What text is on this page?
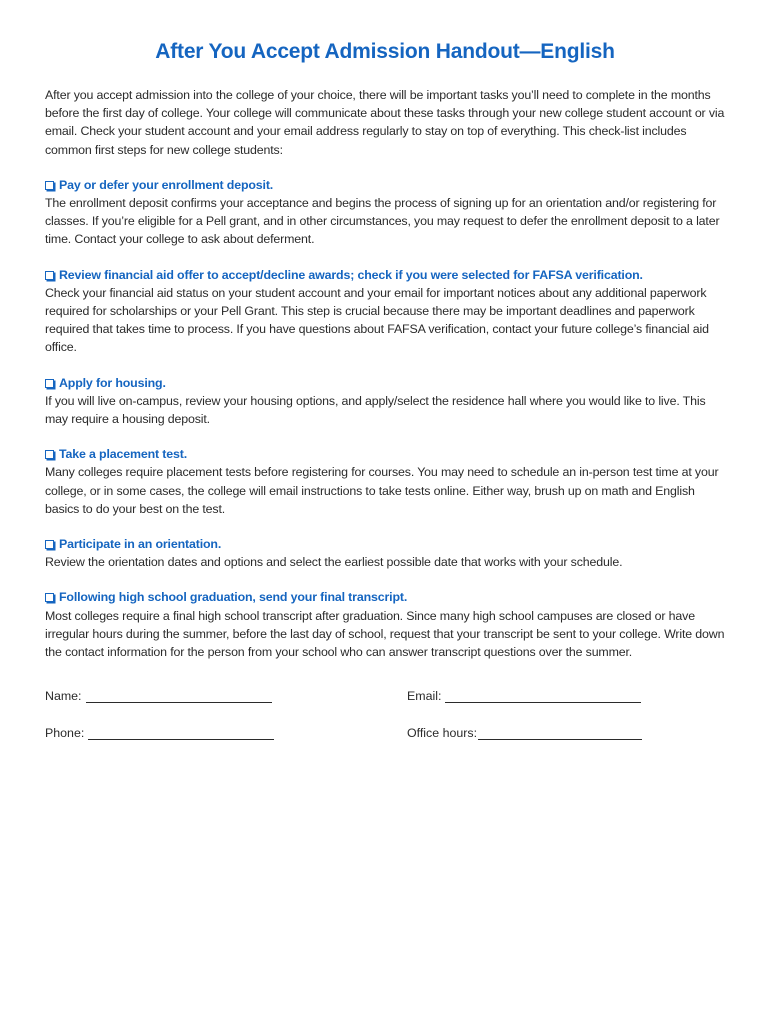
After You Accept Admission Handout—English

After you accept admission into the college of your choice, there will be important tasks you’ll need to complete in the months before the first day of college. Your college will communicate about these tasks through your new college student account or via email. Check your student account and your email address regularly to stay on top of everything. This check-list includes common first steps for new college students:

Pay or defer your enrollment deposit.

The enrollment deposit confirms your acceptance and begins the process of signing up for an orientation and/or registering for classes. If you’re eligible for a Pell grant, and in other circumstances, you may request to defer the enrollment deposit to a later time. Contact your college to ask about deferment.

Review financial aid offer to accept/decline awards; check if you were selected for FAFSA verification.

Check your financial aid status on your student account and your email for important notices about any additional paperwork required for scholarships or your Pell Grant. This step is crucial because there may be important deadlines and paperwork required that takes time to process. If you have questions about FAFSA verification, contact your future college’s financial aid office.

Apply for housing.

If you will live on-campus, review your housing options, and apply/select the residence hall where you would like to live. This may require a housing deposit.

Take a placement test.

Many colleges require placement tests before registering for courses. You may need to schedule an in-person test time at your college, or in some cases, the college will email instructions to take tests online. Either way, brush up on math and English basics to do your best on the test.

Participate in an orientation.

Review the orientation dates and options and select the earliest possible date that works with your schedule.

Following high school graduation, send your final transcript.

Most colleges require a final high school transcript after graduation. Since many high school campuses are closed or have irregular hours during the summer, before the last day of school, request that your transcript be sent to your college. Write down the contact information for the person from your school who can answer transcript questions over the summer.

Name:	Email:
Phone:	Office hours:
